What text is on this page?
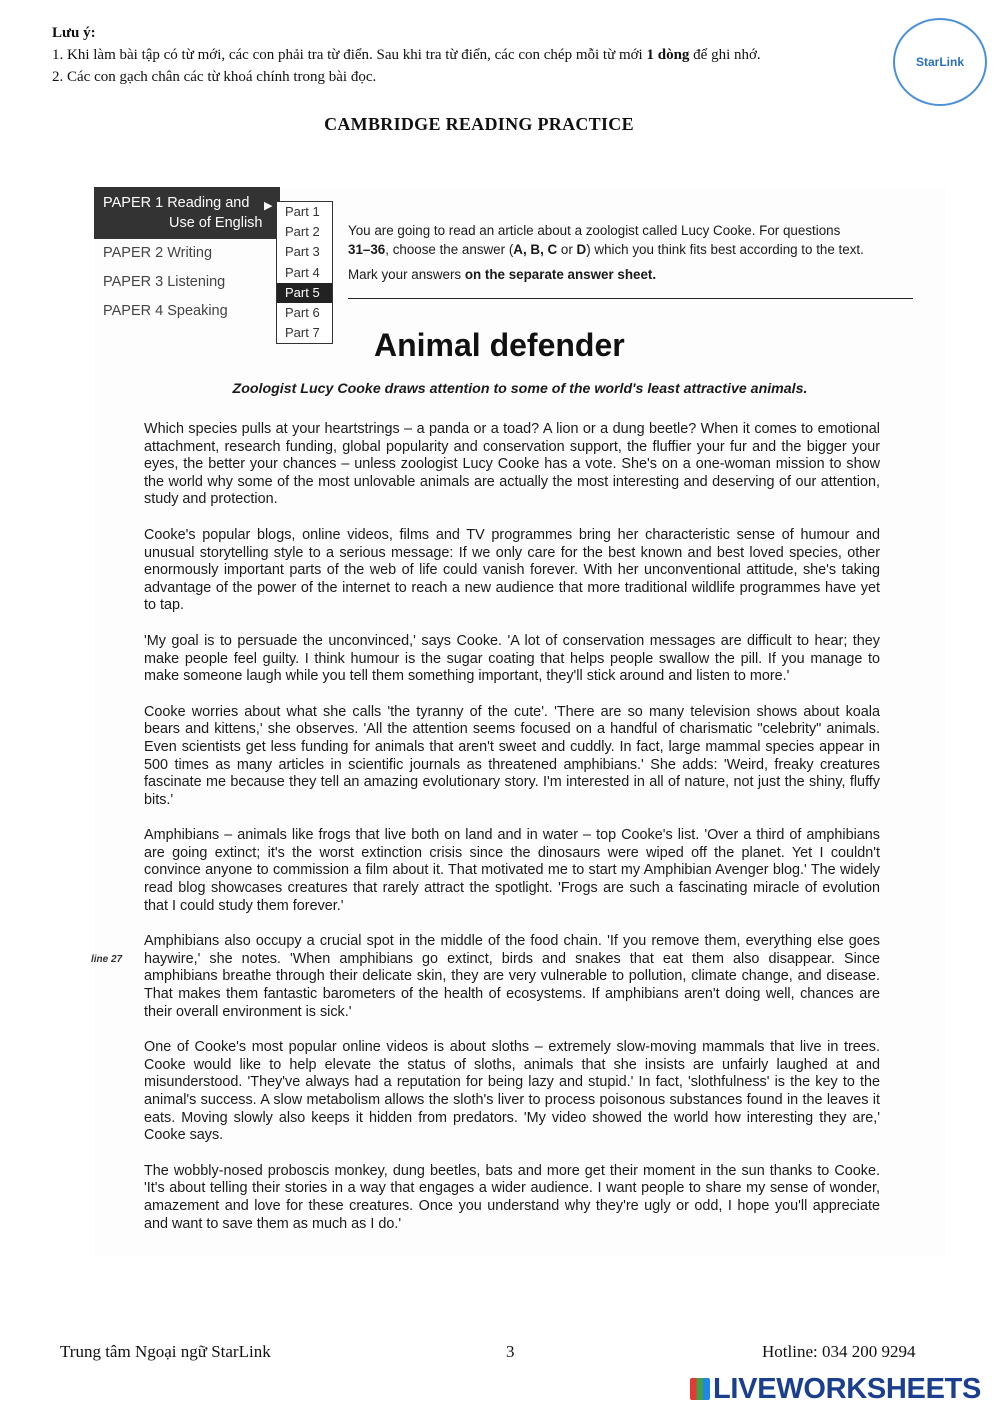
Lưu ý:
1. Khi làm bài tập có từ mới, các con phải tra từ điển. Sau khi tra từ điển, các con chép mỗi từ mới 1 dòng để ghi nhớ.
2. Các con gạch chân các từ khoá chính trong bài đọc.
StarLink
CAMBRIDGE READING PRACTICE
PAPER 1 Reading and
Use of English
▶
PAPER 2 Writing
PAPER 3 Listening
PAPER 4 Speaking
Part 1
Part 2
Part 3
Part 4
Part 5
Part 6
Part 7
You are going to read an article about a zoologist called Lucy Cooke. For questions
31–36, choose the answer (A, B, C or D) which you think fits best according to the text.
Mark your answers on the separate answer sheet.
Animal defender
Zoologist Lucy Cooke draws attention to some of the world's least attractive animals.

Which species pulls at your heartstrings – a panda or a toad? A lion or a dung beetle? When it comes to emotional attachment, research funding, global popularity and conservation support, the fluffier your fur and the bigger your eyes, the better your chances – unless zoologist Lucy Cooke has a vote. She's on a one-woman mission to show the world why some of the most unlovable animals are actually the most interesting and deserving of our attention, study and protection.

Cooke's popular blogs, online videos, films and TV programmes bring her characteristic sense of humour and unusual storytelling style to a serious message: If we only care for the best known and best loved species, other enormously important parts of the web of life could vanish forever. With her unconventional attitude, she's taking advantage of the power of the internet to reach a new audience that more traditional wildlife programmes have yet to tap.

'My goal is to persuade the unconvinced,' says Cooke. 'A lot of conservation messages are difficult to hear; they make people feel guilty. I think humour is the sugar coating that helps people swallow the pill. If you manage to make someone laugh while you tell them something important, they'll stick around and listen to more.'

Cooke worries about what she calls 'the tyranny of the cute'. 'There are so many television shows about koala bears and kittens,' she observes. 'All the attention seems focused on a handful of charismatic "celebrity" animals. Even scientists get less funding for animals that aren't sweet and cuddly. In fact, large mammal species appear in 500 times as many articles in scientific journals as threatened amphibians.' She adds: 'Weird, freaky creatures fascinate me because they tell an amazing evolutionary story. I'm interested in all of nature, not just the shiny, fluffy bits.'

Amphibians – animals like frogs that live both on land and in water – top Cooke's list. 'Over a third of amphibians are going extinct; it's the worst extinction crisis since the dinosaurs were wiped off the planet. Yet I couldn't convince anyone to commission a film about it. That motivated me to start my Amphibian Avenger blog.' The widely read blog showcases creatures that rarely attract the spotlight. 'Frogs are such a fascinating miracle of evolution that I could study them forever.'

line 27
Amphibians also occupy a crucial spot in the middle of the food chain. 'If you remove them, everything else goes haywire,' she notes. 'When amphibians go extinct, birds and snakes that eat them also disappear. Since amphibians breathe through their delicate skin, they are very vulnerable to pollution, climate change, and disease. That makes them fantastic barometers of the health of ecosystems. If amphibians aren't doing well, chances are their overall environment is sick.'

One of Cooke's most popular online videos is about sloths – extremely slow-moving mammals that live in trees. Cooke would like to help elevate the status of sloths, animals that she insists are unfairly laughed at and misunderstood. 'They've always had a reputation for being lazy and stupid.' In fact, 'slothfulness' is the key to the animal's success. A slow metabolism allows the sloth's liver to process poisonous substances found in the leaves it eats. Moving slowly also keeps it hidden from predators. 'My video showed the world how interesting they are,' Cooke says.

The wobbly-nosed proboscis monkey, dung beetles, bats and more get their moment in the sun thanks to Cooke. 'It's about telling their stories in a way that engages a wider audience. I want people to share my sense of wonder, amazement and love for these creatures. Once you understand why they're ugly or odd, I hope you'll appreciate and want to save them as much as I do.'

Trung tâm Ngoại ngữ StarLink	3	Hotline: 034 200 9294
LIVEWORKSHEETS
